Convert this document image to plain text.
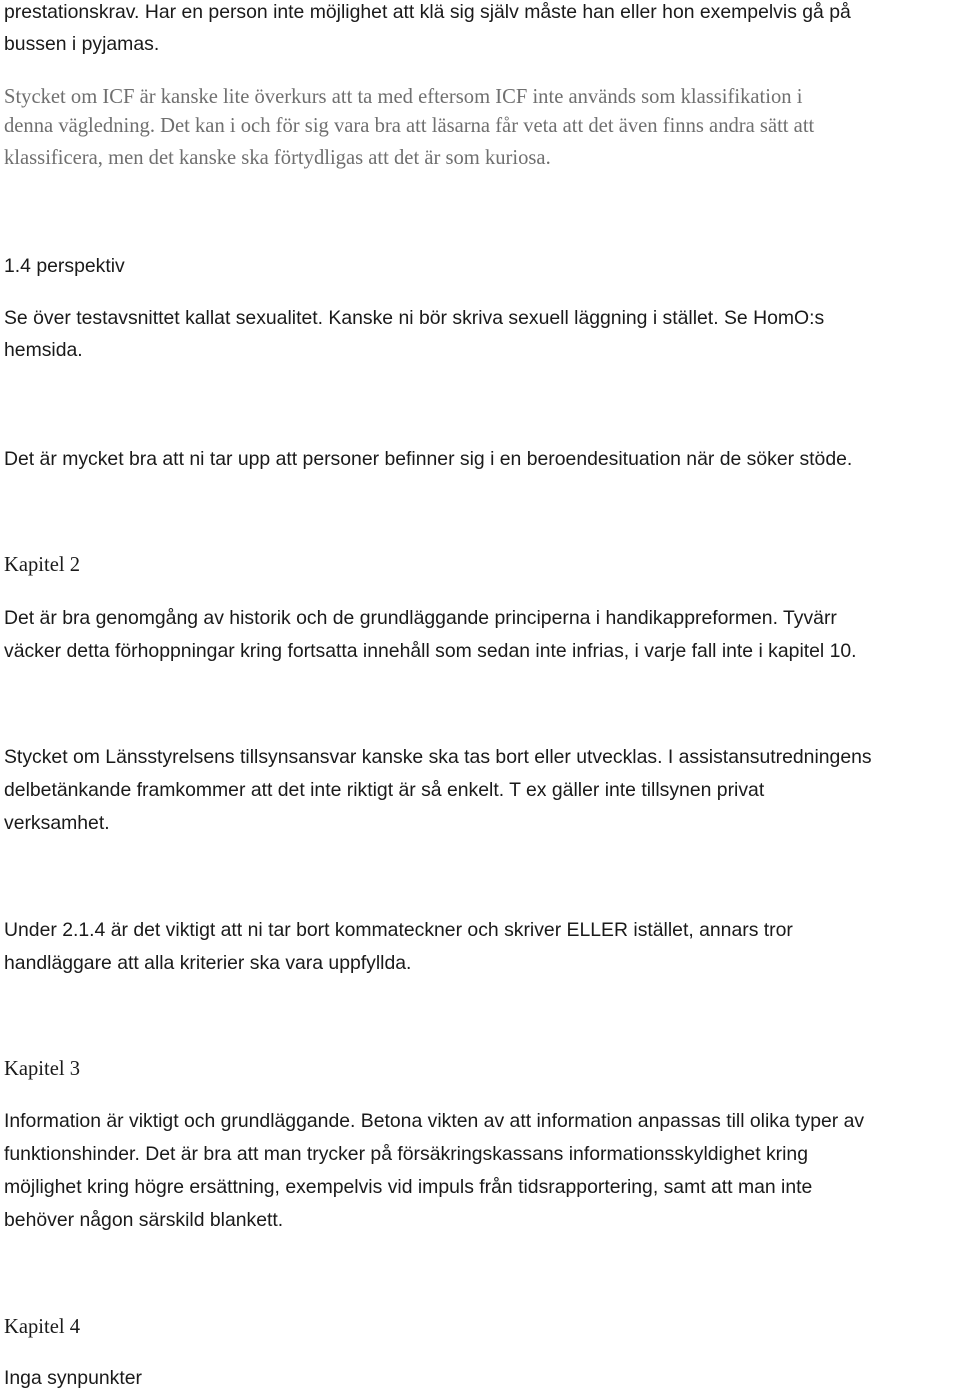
prestationskrav. Har en person inte möjlighet att klä sig själv måste han eller hon exempelvis gå på

bussen i pyjamas.

Stycket om ICF är kanske lite överkurs att ta med eftersom ICF inte används som klassifikation i

denna vägledning. Det kan i och för sig vara bra att läsarna får veta att det även finns andra sätt att

klassificera, men det kanske ska förtydligas att det är som kuriosa.

1.4 perspektiv

Se över testavsnittet kallat sexualitet. Kanske ni bör skriva sexuell läggning i stället. Se HomO:s

hemsida.

Det är mycket bra att ni tar upp att personer befinner sig i en beroendesituation när de söker stöde.

Kapitel 2

Det är bra genomgång av historik och de grundläggande principerna i handikappreformen. Tyvärr

väcker detta förhoppningar kring fortsatta innehåll som sedan inte infrias, i varje fall inte i kapitel 10.

Stycket om Länsstyrelsens tillsynsansvar kanske ska tas bort eller utvecklas. I assistansutredningens

delbetänkande framkommer att det inte riktigt är så enkelt. T ex gäller inte tillsynen privat

verksamhet.

Under 2.1.4 är det viktigt att ni tar bort kommateckner och skriver ELLER istället, annars tror

handläggare att alla kriterier ska vara uppfyllda.

Kapitel 3

Information är viktigt och grundläggande. Betona vikten av att information anpassas till olika typer av

funktionshinder. Det är bra att man trycker på försäkringskassans informationsskyldighet kring

möjlighet kring högre ersättning, exempelvis vid impuls från tidsrapportering, samt att man inte

behöver någon särskild blankett.

Kapitel 4

Inga synpunkter
